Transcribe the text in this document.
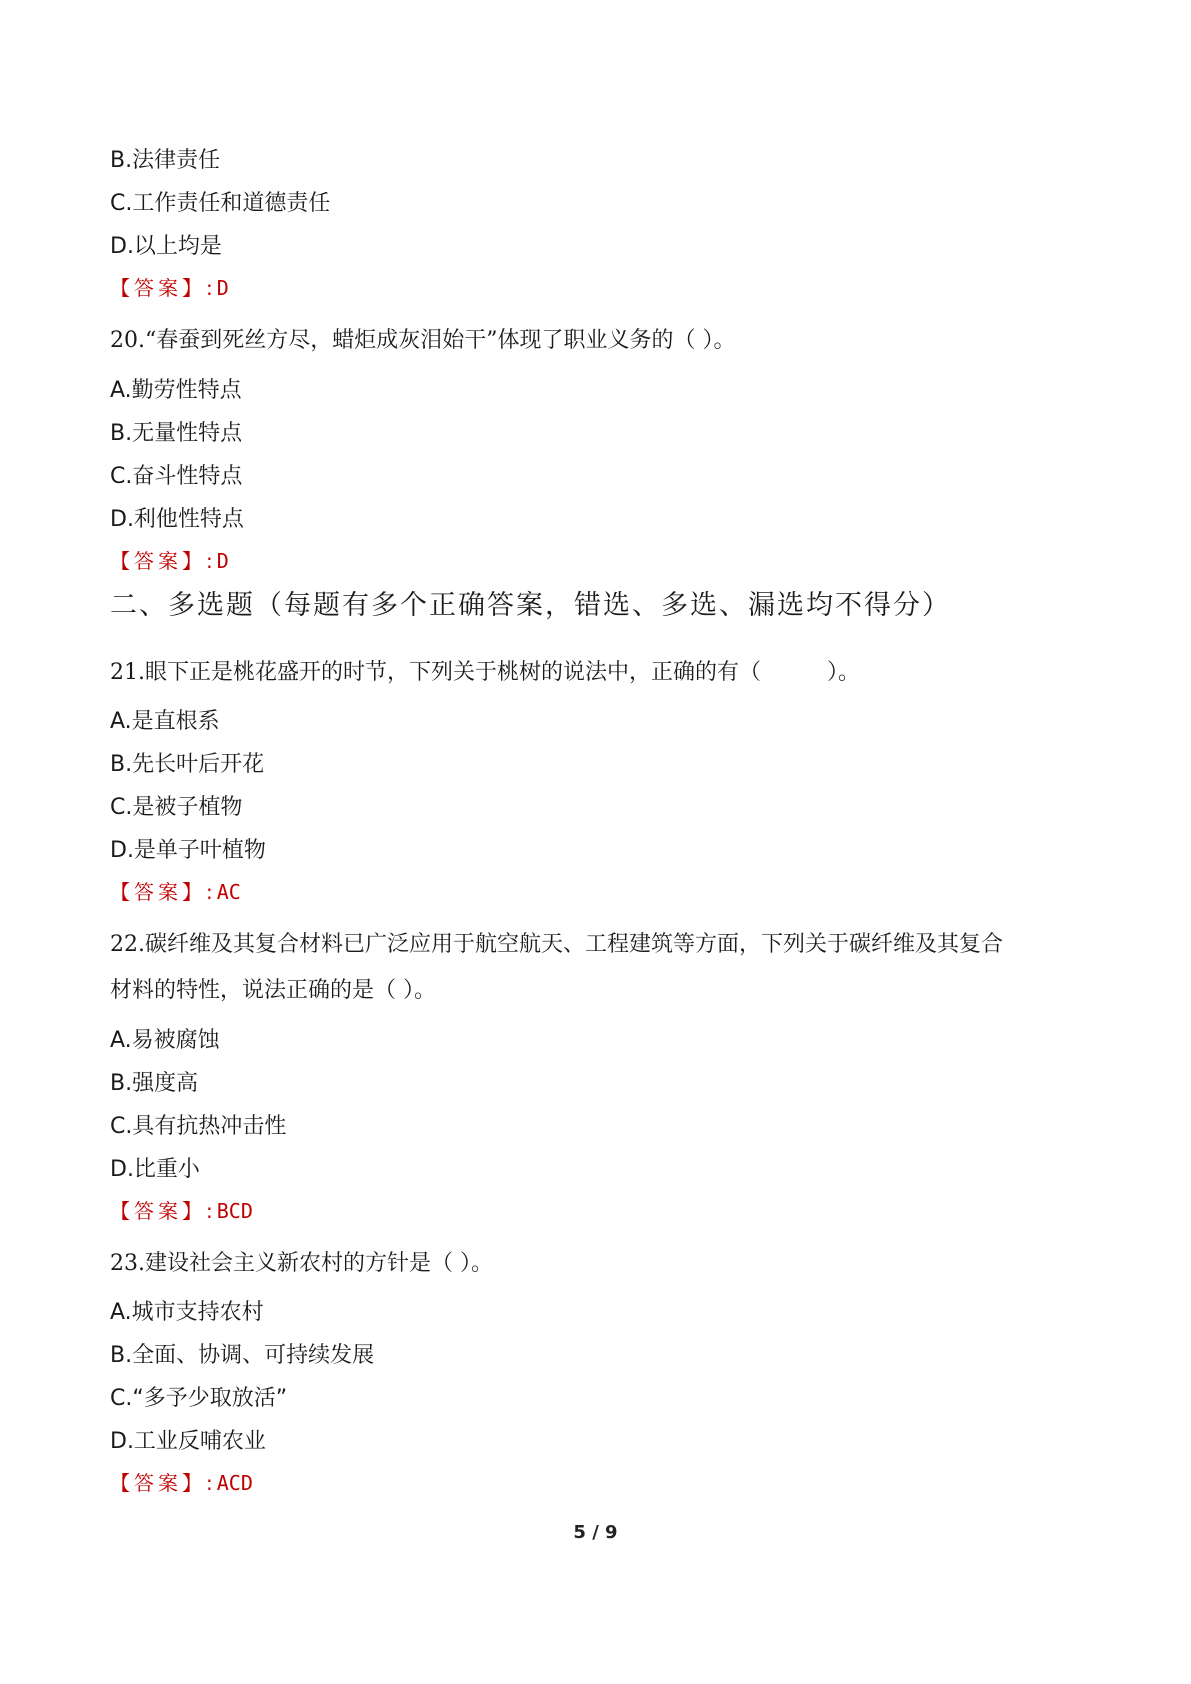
B.法律责任
C.工作责任和道德责任
D.以上均是
【答案】:D
20.“春蚕到死丝方尽，蜡炬成灰泪始干”体现了职业义务的（ ）。
A.勤劳性特点
B.无量性特点
C.奋斗性特点
D.利他性特点
【答案】:D
二、多选题（每题有多个正确答案，错选、多选、漏选均不得分）
21.眼下正是桃花盛开的时节，下列关于桃树的说法中，正确的有（　　　）。
A.是直根系
B.先长叶后开花
C.是被子植物
D.是单子叶植物
【答案】:AC
22.碳纤维及其复合材料已广泛应用于航空航天、工程建筑等方面，下列关于碳纤维及其复合
材料的特性，说法正确的是（ ）。
A.易被腐蚀
B.强度高
C.具有抗热冲击性
D.比重小
【答案】:BCD
23.建设社会主义新农村的方针是（ ）。
A.城市支持农村
B.全面、协调、可持续发展
C.“多予少取放活”
D.工业反哺农业
【答案】:ACD
5 / 9
